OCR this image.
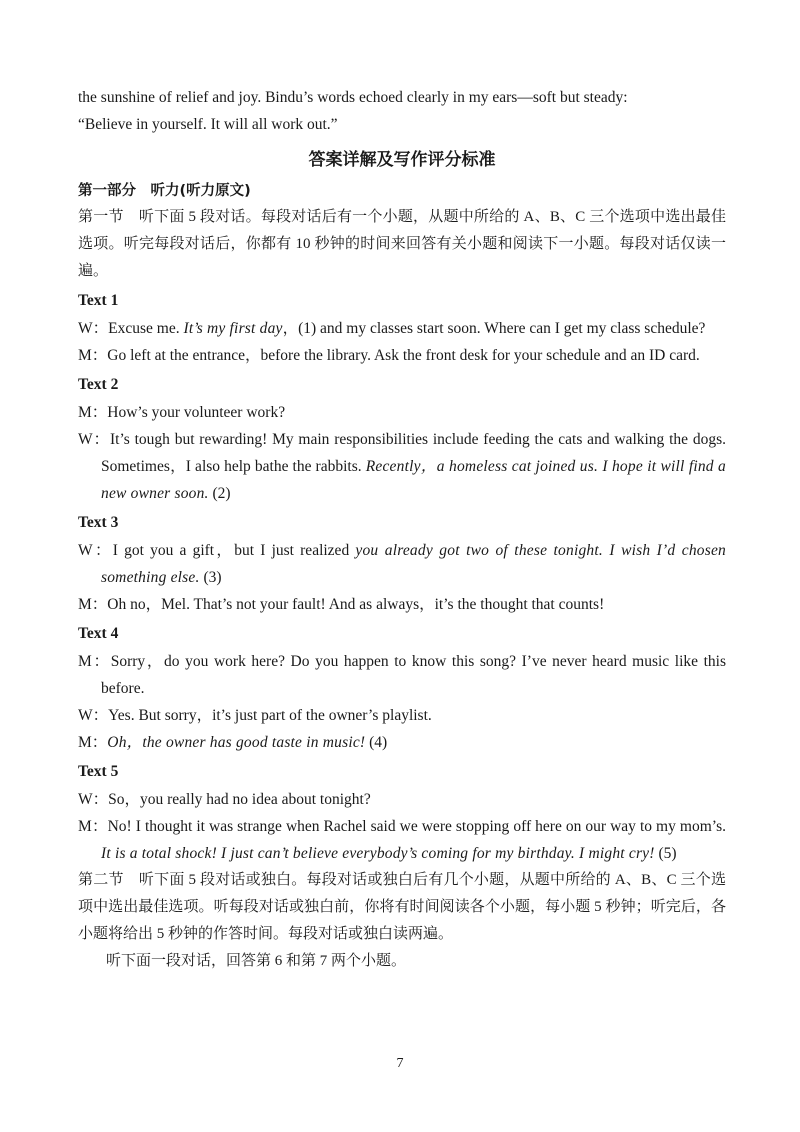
the sunshine of relief and joy. Bindu’s words echoed clearly in my ears—soft but steady:

“Believe in yourself. It will all work out.”

答案详解及写作评分标准

第一部分　听力(听力原文)

第一节　听下面 5 段对话。每段对话后有一个小题，从题中所给的 A、B、C 三个选项中选出最佳选项。听完每段对话后，你都有 10 秒钟的时间来回答有关小题和阅读下一小题。每段对话仅读一遍。

Text 1

W：Excuse me. It’s my first day，(1) and my classes start soon. Where can I get my class schedule?

M：Go left at the entrance，before the library. Ask the front desk for your schedule and an ID card.

Text 2

M：How’s your volunteer work?

W：It’s tough but rewarding! My main responsibilities include feeding the cats and walking the dogs. Sometimes，I also help bathe the rabbits. Recently，a homeless cat joined us. I hope it will find a new owner soon. (2)

Text 3

W：I got you a gift，but I just realized you already got two of these tonight. I wish I’d chosen something else. (3)

M：Oh no，Mel. That’s not your fault! And as always，it’s the thought that counts!

Text 4

M：Sorry，do you work here? Do you happen to know this song? I’ve never heard music like this before.

W：Yes. But sorry，it’s just part of the owner’s playlist.

M：Oh，the owner has good taste in music! (4)

Text 5

W：So，you really had no idea about tonight?

M：No! I thought it was strange when Rachel said we were stopping off here on our way to my mom’s. It is a total shock! I just can’t believe everybody’s coming for my birthday. I might cry! (5)

第二节　听下面 5 段对话或独白。每段对话或独白后有几个小题，从题中所给的 A、B、C 三个选项中选出最佳选项。听每段对话或独白前，你将有时间阅读各个小题，每小题 5 秒钟；听完后，各小题将给出 5 秒钟的作答时间。每段对话或独白读两遍。

听下面一段对话，回答第 6 和第 7 两个小题。

7
